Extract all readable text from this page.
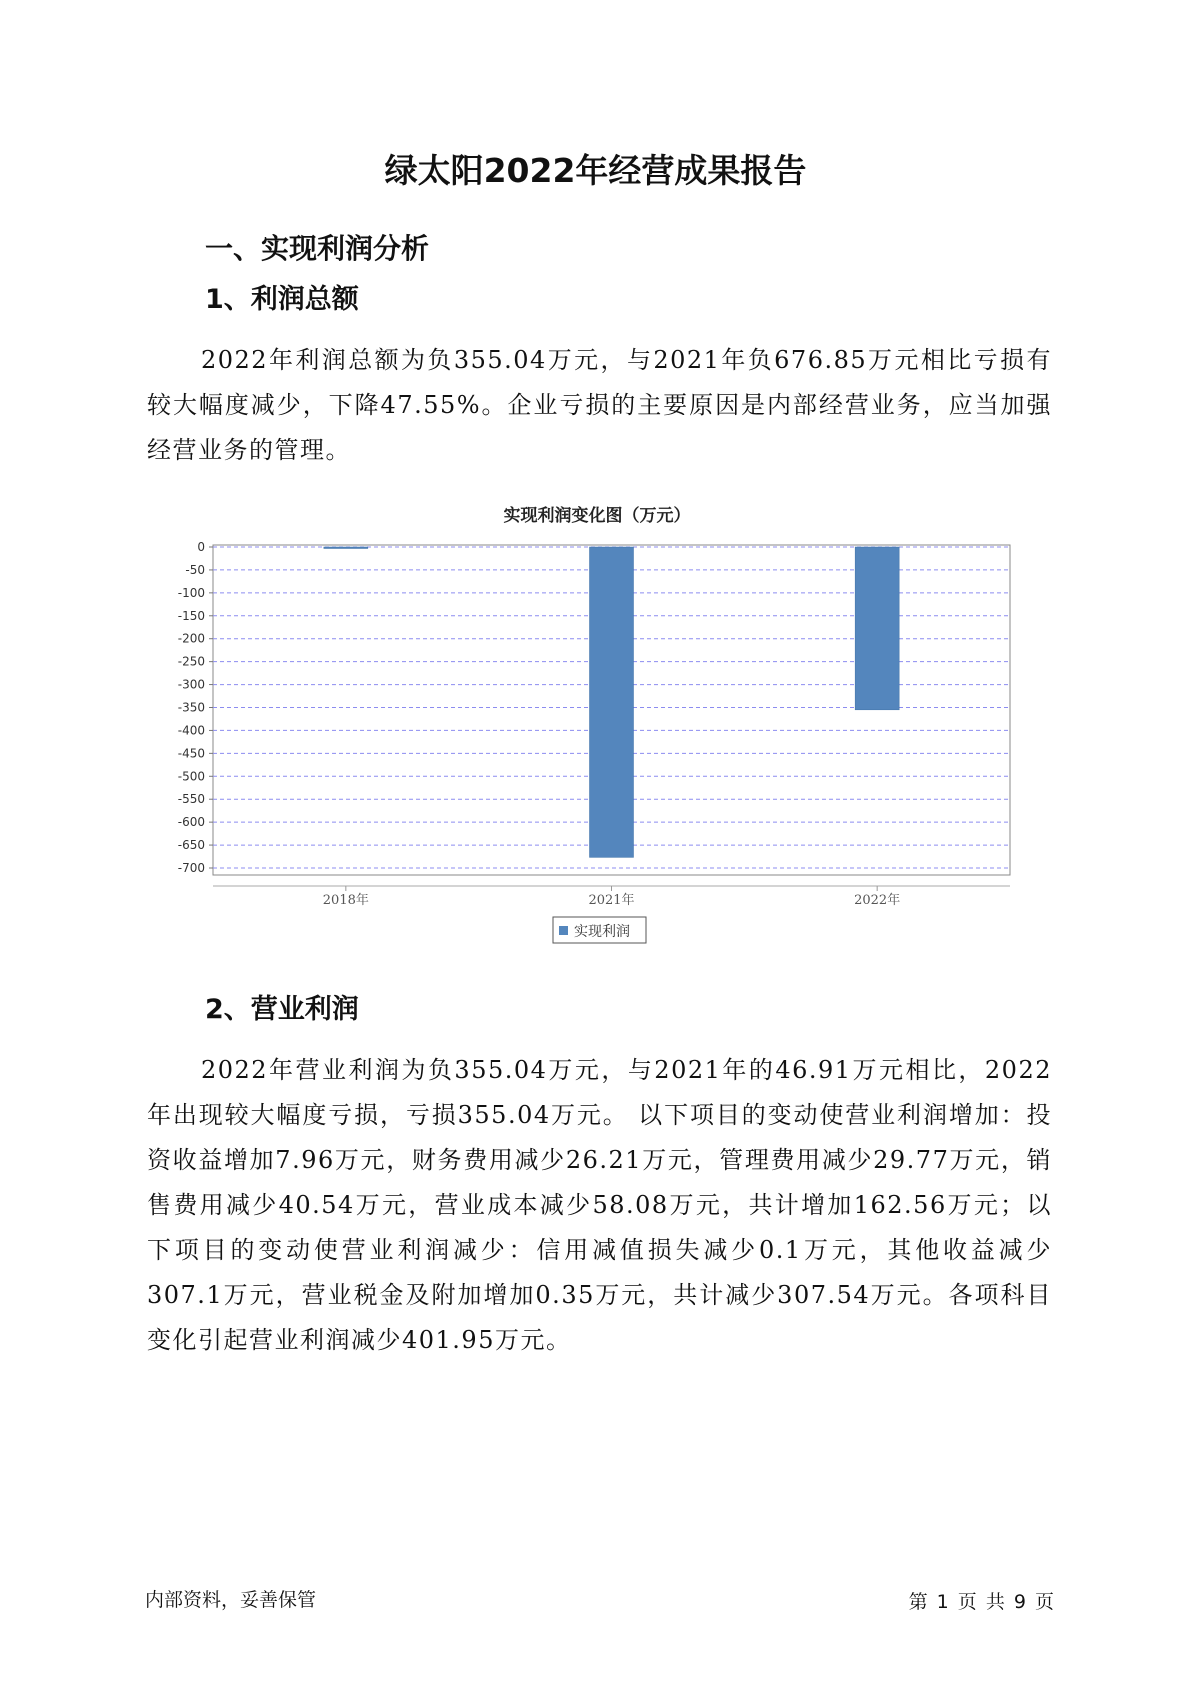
绿太阳2022年经营成果报告
一、实现利润分析
1、利润总额

2022年利润总额为负355.04万元，与2021年负676.85万元相比亏损有较大幅度减少，下降47.55%。企业亏损的主要原因是内部经营业务，应当加强经营业务的管理。

实现利润变化图（万元）
0
-50
-100
-150
-200
-250
-300
-350
-400
-450
-500
-550
-600
-650
-700
2018年	2021年	2022年
实现利润
2、营业利润

2022年营业利润为负355.04万元，与2021年的46.91万元相比，2022年出现较大幅度亏损，亏损355.04万元。 以下项目的变动使营业利润增加：投资收益增加7.96万元，财务费用减少26.21万元，管理费用减少29.77万元，销售费用减少40.54万元，营业成本减少58.08万元，共计增加162.56万元；以下项目的变动使营业利润减少：信用减值损失减少0.1万元，其他收益减少307.1万元，营业税金及附加增加0.35万元，共计减少307.54万元。各项科目变化引起营业利润减少401.95万元。

内部资料，妥善保管	第 1 页 共 9 页
